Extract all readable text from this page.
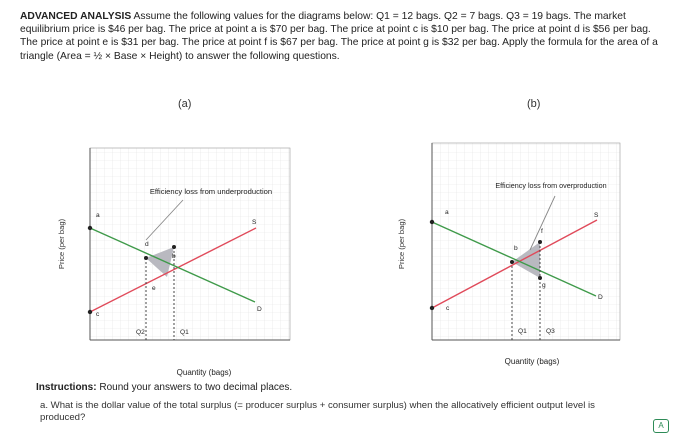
ADVANCED ANALYSIS Assume the following values for the diagrams below: Q1 = 12 bags. Q2 = 7 bags. Q3 = 19 bags. The market equilibrium price is $46 per bag. The price at point a is $70 per bag. The price at point c is $10 per bag. The price at point d is $56 per bag. The price at point e is $31 per bag. The price at point f is $67 per bag. The price at point g is $32 per bag. Apply the formula for the area of a triangle (Area = ½ × Base × Height) to answer the following questions.
(a)	(b)
Efficiency loss from underproduction
Price (per bag)
Quantity (bags)
a
c
d
b
e
S
D
Q2	Q1
Efficiency loss from overproduction
Price (per bag)
Quantity (bags)
a
c
b
f
g
S
D
Q1	Q3
Instructions: Round your answers to two decimal places.
a. What is the dollar value of the total surplus (= producer surplus + consumer surplus) when the allocatively efficient output level is produced?
A
